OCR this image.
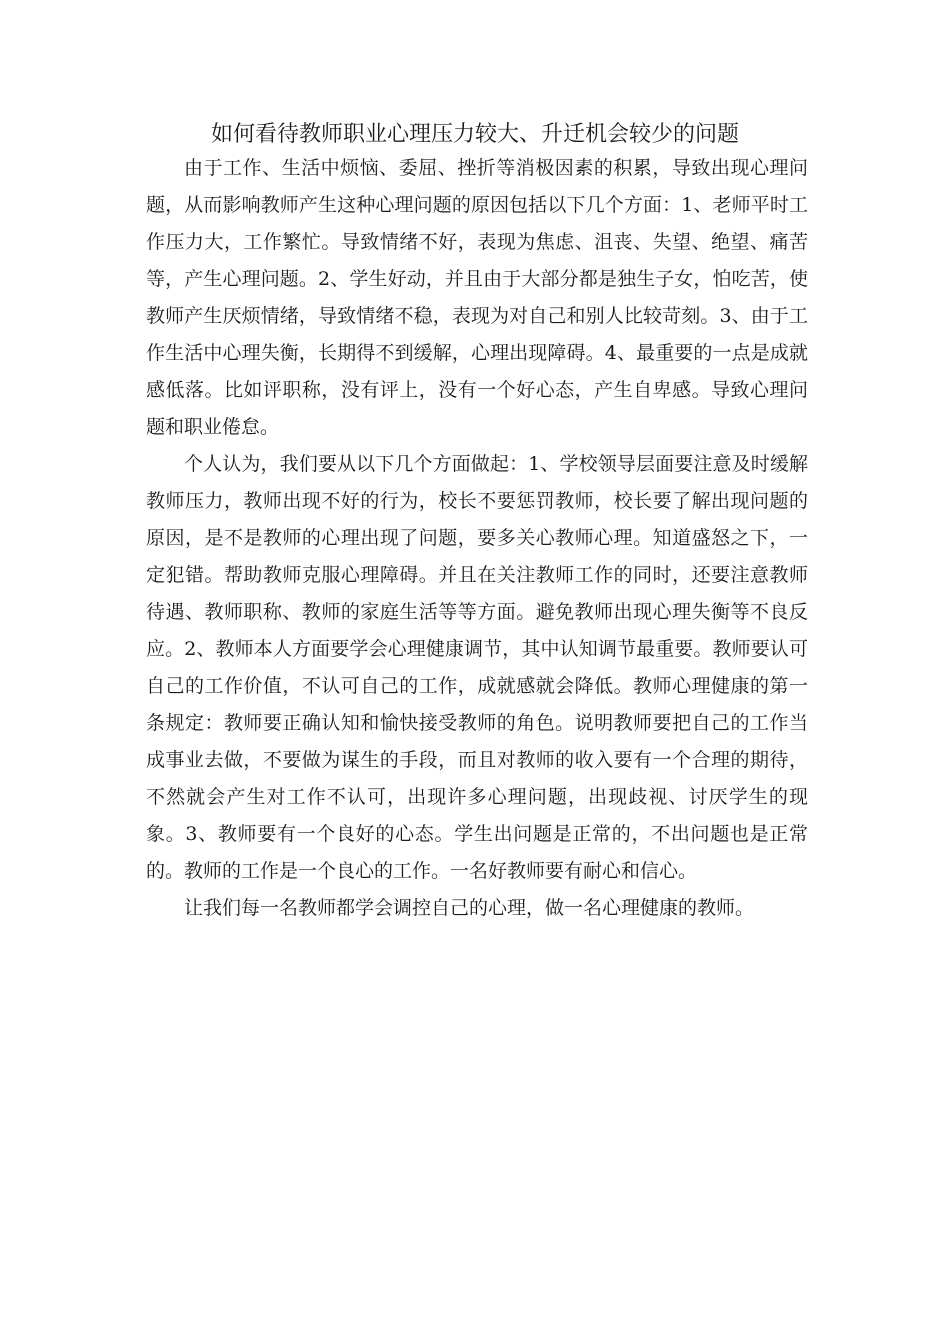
如何看待教师职业心理压力较大、升迁机会较少的问题

由于工作、生活中烦恼、委屈、挫折等消极因素的积累，导致出现心理问题，从而影响教师产生这种心理问题的原因包括以下几个方面：1、老师平时工作压力大，工作繁忙。导致情绪不好，表现为焦虑、沮丧、失望、绝望、痛苦等，产生心理问题。2、学生好动，并且由于大部分都是独生子女，怕吃苦，使教师产生厌烦情绪，导致情绪不稳，表现为对自己和别人比较苛刻。3、由于工作生活中心理失衡，长期得不到缓解，心理出现障碍。4、最重要的一点是成就感低落。比如评职称，没有评上，没有一个好心态，产生自卑感。导致心理问题和职业倦怠。

个人认为，我们要从以下几个方面做起：1、学校领导层面要注意及时缓解教师压力，教师出现不好的行为，校长不要惩罚教师，校长要了解出现问题的原因，是不是教师的心理出现了问题，要多关心教师心理。知道盛怒之下，一定犯错。帮助教师克服心理障碍。并且在关注教师工作的同时，还要注意教师待遇、教师职称、教师的家庭生活等等方面。避免教师出现心理失衡等不良反应。2、教师本人方面要学会心理健康调节，其中认知调节最重要。教师要认可自己的工作价值，不认可自己的工作，成就感就会降低。教师心理健康的第一条规定：教师要正确认知和愉快接受教师的角色。说明教师要把自己的工作当成事业去做，不要做为谋生的手段，而且对教师的收入要有一个合理的期待，不然就会产生对工作不认可，出现许多心理问题，出现歧视、讨厌学生的现象。3、教师要有一个良好的心态。学生出问题是正常的，不出问题也是正常的。教师的工作是一个良心的工作。一名好教师要有耐心和信心。

让我们每一名教师都学会调控自己的心理，做一名心理健康的教师。
